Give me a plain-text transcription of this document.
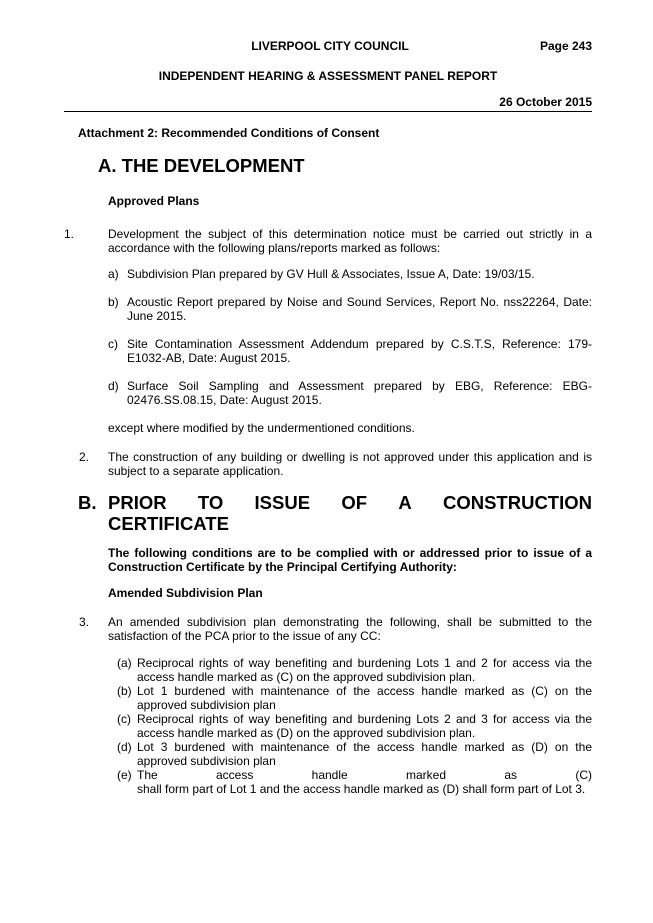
LIVERPOOL CITY COUNCIL	Page 243
INDEPENDENT HEARING & ASSESSMENT PANEL REPORT
26 October 2015
Attachment 2: Recommended Conditions of Consent
A. THE DEVELOPMENT
Approved Plans
1.	Development the subject of this determination notice must be carried out strictly in a accordance with the following plans/reports marked as follows:
a) Subdivision Plan prepared by GV Hull & Associates, Issue A, Date: 19/03/15.
b) Acoustic Report prepared by Noise and Sound Services, Report No. nss22264, Date: June 2015.
c) Site Contamination Assessment Addendum prepared by C.S.T.S, Reference: 179-E1032-AB, Date: August 2015.
d) Surface Soil Sampling and Assessment prepared by EBG, Reference: EBG-02476.SS.08.15, Date: August 2015.
except where modified by the undermentioned conditions.
2.	The construction of any building or dwelling is not approved under this application and is subject to a separate application.
B. PRIOR TO ISSUE OF A CONSTRUCTION
CERTIFICATE
The following conditions are to be complied with or addressed prior to issue of a Construction Certificate by the Principal Certifying Authority:
Amended Subdivision Plan
3.	An amended subdivision plan demonstrating the following, shall be submitted to the satisfaction of the PCA prior to the issue of any CC:
(a) Reciprocal rights of way benefiting and burdening Lots 1 and 2 for access via the access handle marked as (C) on the approved subdivision plan.
(b) Lot 1 burdened with maintenance of the access handle marked as (C) on the approved subdivision plan
(c) Reciprocal rights of way benefiting and burdening Lots 2 and 3 for access via the access handle marked as (D) on the approved subdivision plan.
(d) Lot 3 burdened with maintenance of the access handle marked as (D) on the approved subdivision plan
(e) The access handle marked as (C)
shall form part of Lot 1 and the access handle marked as (D) shall form part of Lot 3.
